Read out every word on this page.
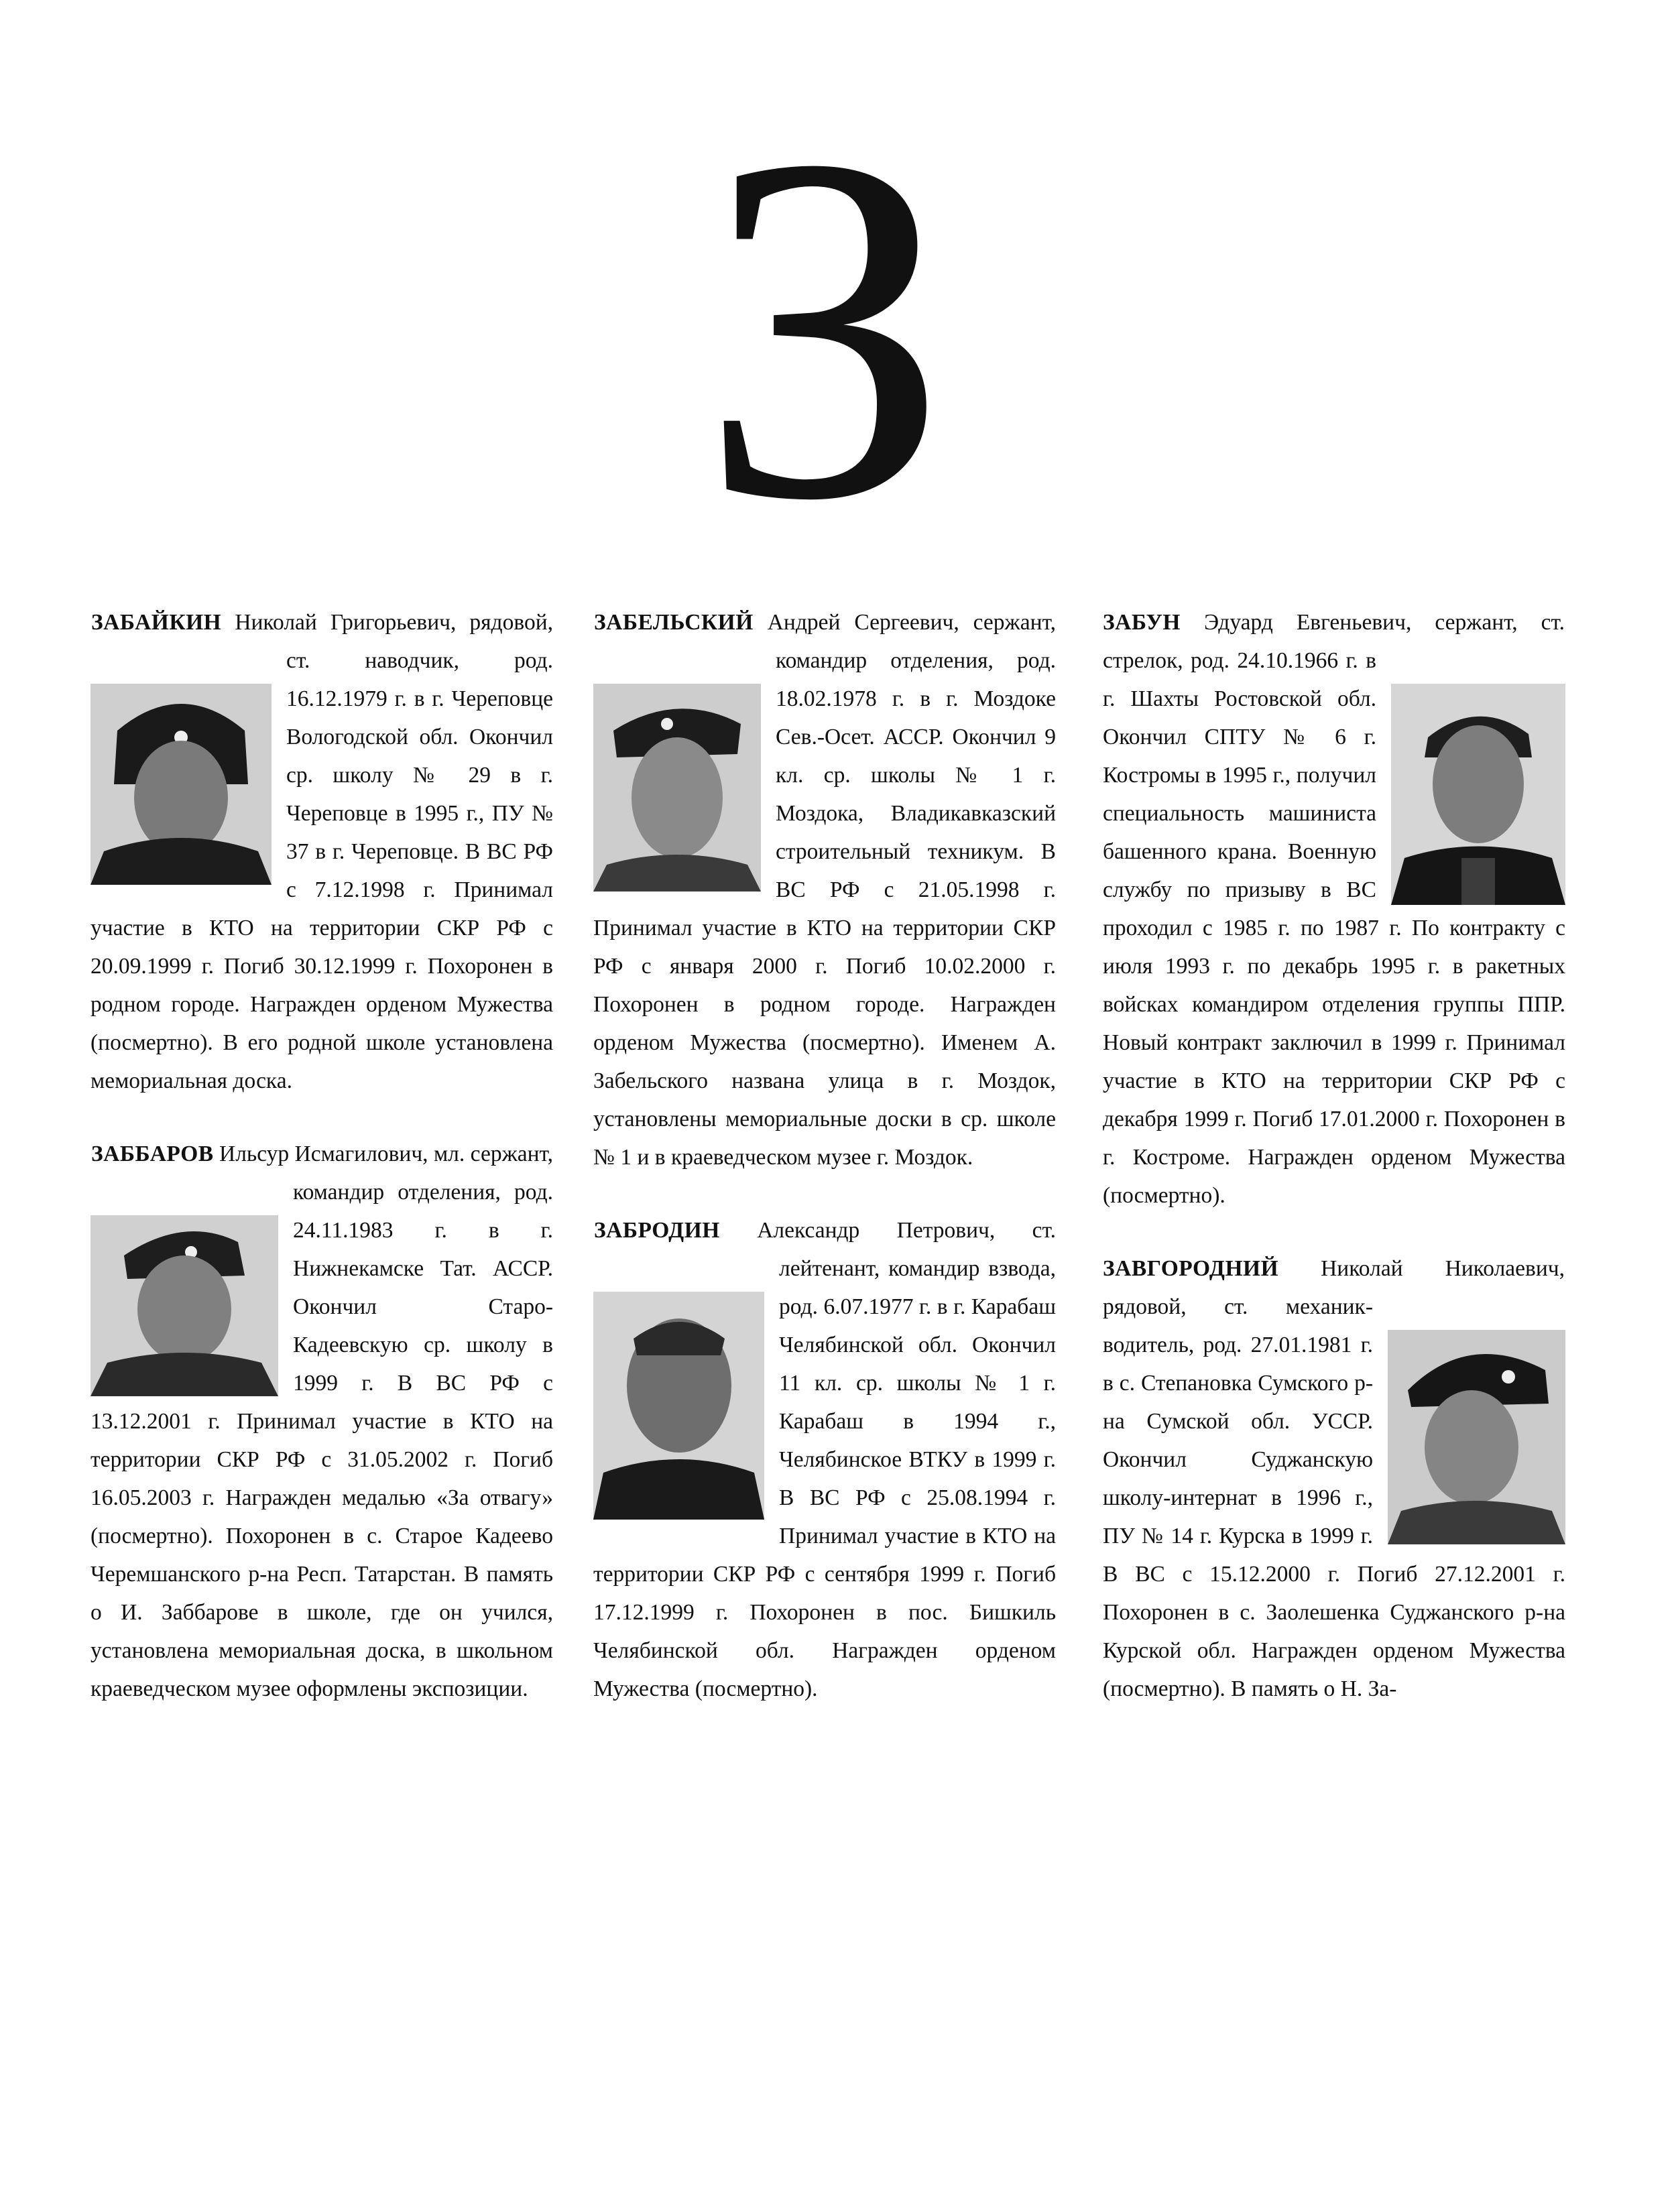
З

ЗАБАЙКИН Николай Григорьевич, рядовой, ст. наводчик, род. 16.12.1979 г. в г. Череповце Вологодской обл. Окончил ср. школу № 29 в г. Череповце в 1995 г., ПУ № 37 в г. Череповце. В ВС РФ с 7.12.1998 г. Принимал участие в КТО на территории СКР РФ с 20.09.1999 г. Погиб 30.12.1999 г. Похоронен в родном городе. Награжден орденом Мужества (посмертно). В его родной школе установлена мемориальная доска.

ЗАББАРОВ Ильсур Исмагилович, мл. сержант, командир отделения, род. 24.11.1983 г. в г. Нижнекамске Тат. АССР. Окончил Старо-Кадеевскую ср. школу в 1999 г. В ВС РФ с 13.12.2001 г. Принимал участие в КТО на территории СКР РФ с 31.05.2002 г. Погиб 16.05.2003 г. Награжден медалью «За отвагу» (посмертно). Похоронен в с. Старое Кадеево Черемшанского р-на Респ. Татарстан. В память о И. Заббарове в школе, где он учился, установлена мемориальная доска, в школьном краеведческом музее оформлены экспозиции.

ЗАБЕЛЬСКИЙ Андрей Сергеевич, сержант, командир отделения, род. 18.02.1978 г. в г. Моздоке Сев.-Осет. АССР. Окончил 9 кл. ср. школы № 1 г. Моздока, Владикавказский строительный техникум. В ВС РФ с 21.05.1998 г. Принимал участие в КТО на территории СКР РФ с января 2000 г. Погиб 10.02.2000 г. Похоронен в родном городе. Награжден орденом Мужества (посмертно). Именем А. Забельского названа улица в г. Моздок, установлены мемориальные доски в ср. школе № 1 и в краеведческом музее г. Моздок.

ЗАБРОДИН Александр Петрович, ст. лейтенант, командир взвода, род. 6.07.1977 г. в г. Карабаш Челябинской обл. Окончил 11 кл. ср. школы № 1 г. Карабаш в 1994 г., Челябинское ВТКУ в 1999 г. В ВС РФ с 25.08.1994 г. Принимал участие в КТО на территории СКР РФ с сентября 1999 г. Погиб 17.12.1999 г. Похоронен в пос. Бишкиль Челябинской обл. Награжден орденом Мужества (посмертно).

ЗАБУН Эдуард Евгеньевич, сержант, ст. стрелок, род. 24.10.1966 г. в г. Шахты Ростовской обл. Окончил СПТУ № 6 г. Костромы в 1995 г., получил специальность машиниста башенного крана. Военную службу по призыву в ВС проходил с 1985 г. по 1987 г. По контракту с июля 1993 г. по декабрь 1995 г. в ракетных войсках командиром отделения группы ППР. Новый контракт заключил в 1999 г. Принимал участие в КТО на территории СКР РФ с декабря 1999 г. Погиб 17.01.2000 г. Похоронен в г. Костроме. Награжден орденом Мужества (посмертно).

ЗАВГОРОДНИЙ Николай Николаевич, рядовой, ст. механик-водитель, род. 27.01.1981 г. в с. Степановка Сумского р-на Сумской обл. УССР. Окончил Суджанскую школу-интернат в 1996 г., ПУ № 14 г. Курска в 1999 г. В ВС с 15.12.2000 г. Погиб 27.12.2001 г. Похоронен в с. Заолешенка Суджанского р-на Курской обл. Награжден орденом Мужества (посмертно). В память о Н. За-
